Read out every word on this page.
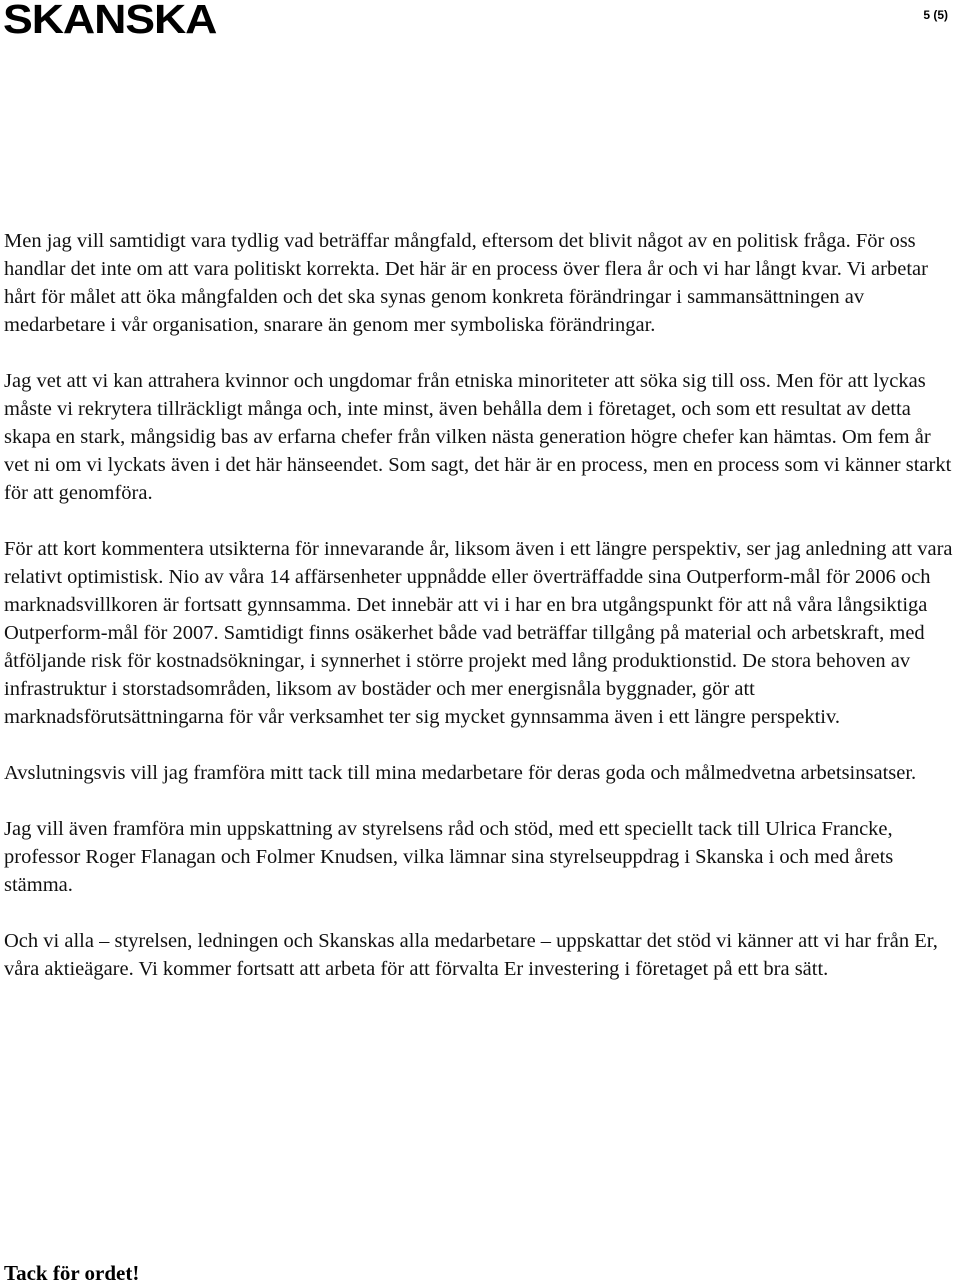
SKANSKA	5 (5)

Men jag vill samtidigt vara tydlig vad beträffar mångfald, eftersom det blivit något av en politisk fråga. För oss handlar det inte om att vara politiskt korrekta. Det här är en process över flera år och vi har långt kvar. Vi arbetar hårt för målet att öka mångfalden och det ska synas genom konkreta förändringar i sammansättningen av medarbetare i vår organisation, snarare än genom mer symboliska förändringar.

Jag vet att vi kan attrahera kvinnor och ungdomar från etniska minoriteter att söka sig till oss. Men för att lyckas måste vi rekrytera tillräckligt många och, inte minst, även behålla dem i företaget, och som ett resultat av detta skapa en stark, mångsidig bas av erfarna chefer från vilken nästa generation högre chefer kan hämtas. Om fem år vet ni om vi lyckats även i det här hänseendet. Som sagt, det här är en process, men en process som vi känner starkt för att genomföra.

För att kort kommentera utsikterna för innevarande år, liksom även i ett längre perspektiv, ser jag anledning att vara relativt optimistisk. Nio av våra 14 affärsenheter uppnådde eller överträffadde sina Outperform-mål för 2006 och marknadsvillkoren är fortsatt gynnsamma. Det innebär att vi i har en bra utgångspunkt för att nå våra långsiktiga Outperform-mål för 2007. Samtidigt finns osäkerhet både vad beträffar tillgång på material och arbetskraft, med åtföljande risk för kostnadsökningar, i synnerhet i större projekt med lång produktionstid. De stora behoven av infrastruktur i storstadsområden, liksom av bostäder och mer energisnåla byggnader, gör att marknadsförutsättningarna för vår verksamhet ter sig mycket gynnsamma även i ett längre perspektiv.

Avslutningsvis vill jag framföra mitt tack till mina medarbetare för deras goda och målmedvetna arbetsinsatser.

Jag vill även framföra min uppskattning av styrelsens råd och stöd, med ett speciellt tack till Ulrica Francke, professor Roger Flanagan och Folmer Knudsen, vilka lämnar sina styrelseuppdrag i Skanska i och med årets stämma.

Och vi alla – styrelsen, ledningen och Skanskas alla medarbetare – uppskattar det stöd vi känner att vi har från Er, våra aktieägare. Vi kommer fortsatt att arbeta för att förvalta Er investering i företaget på ett bra sätt.

Tack för ordet!
